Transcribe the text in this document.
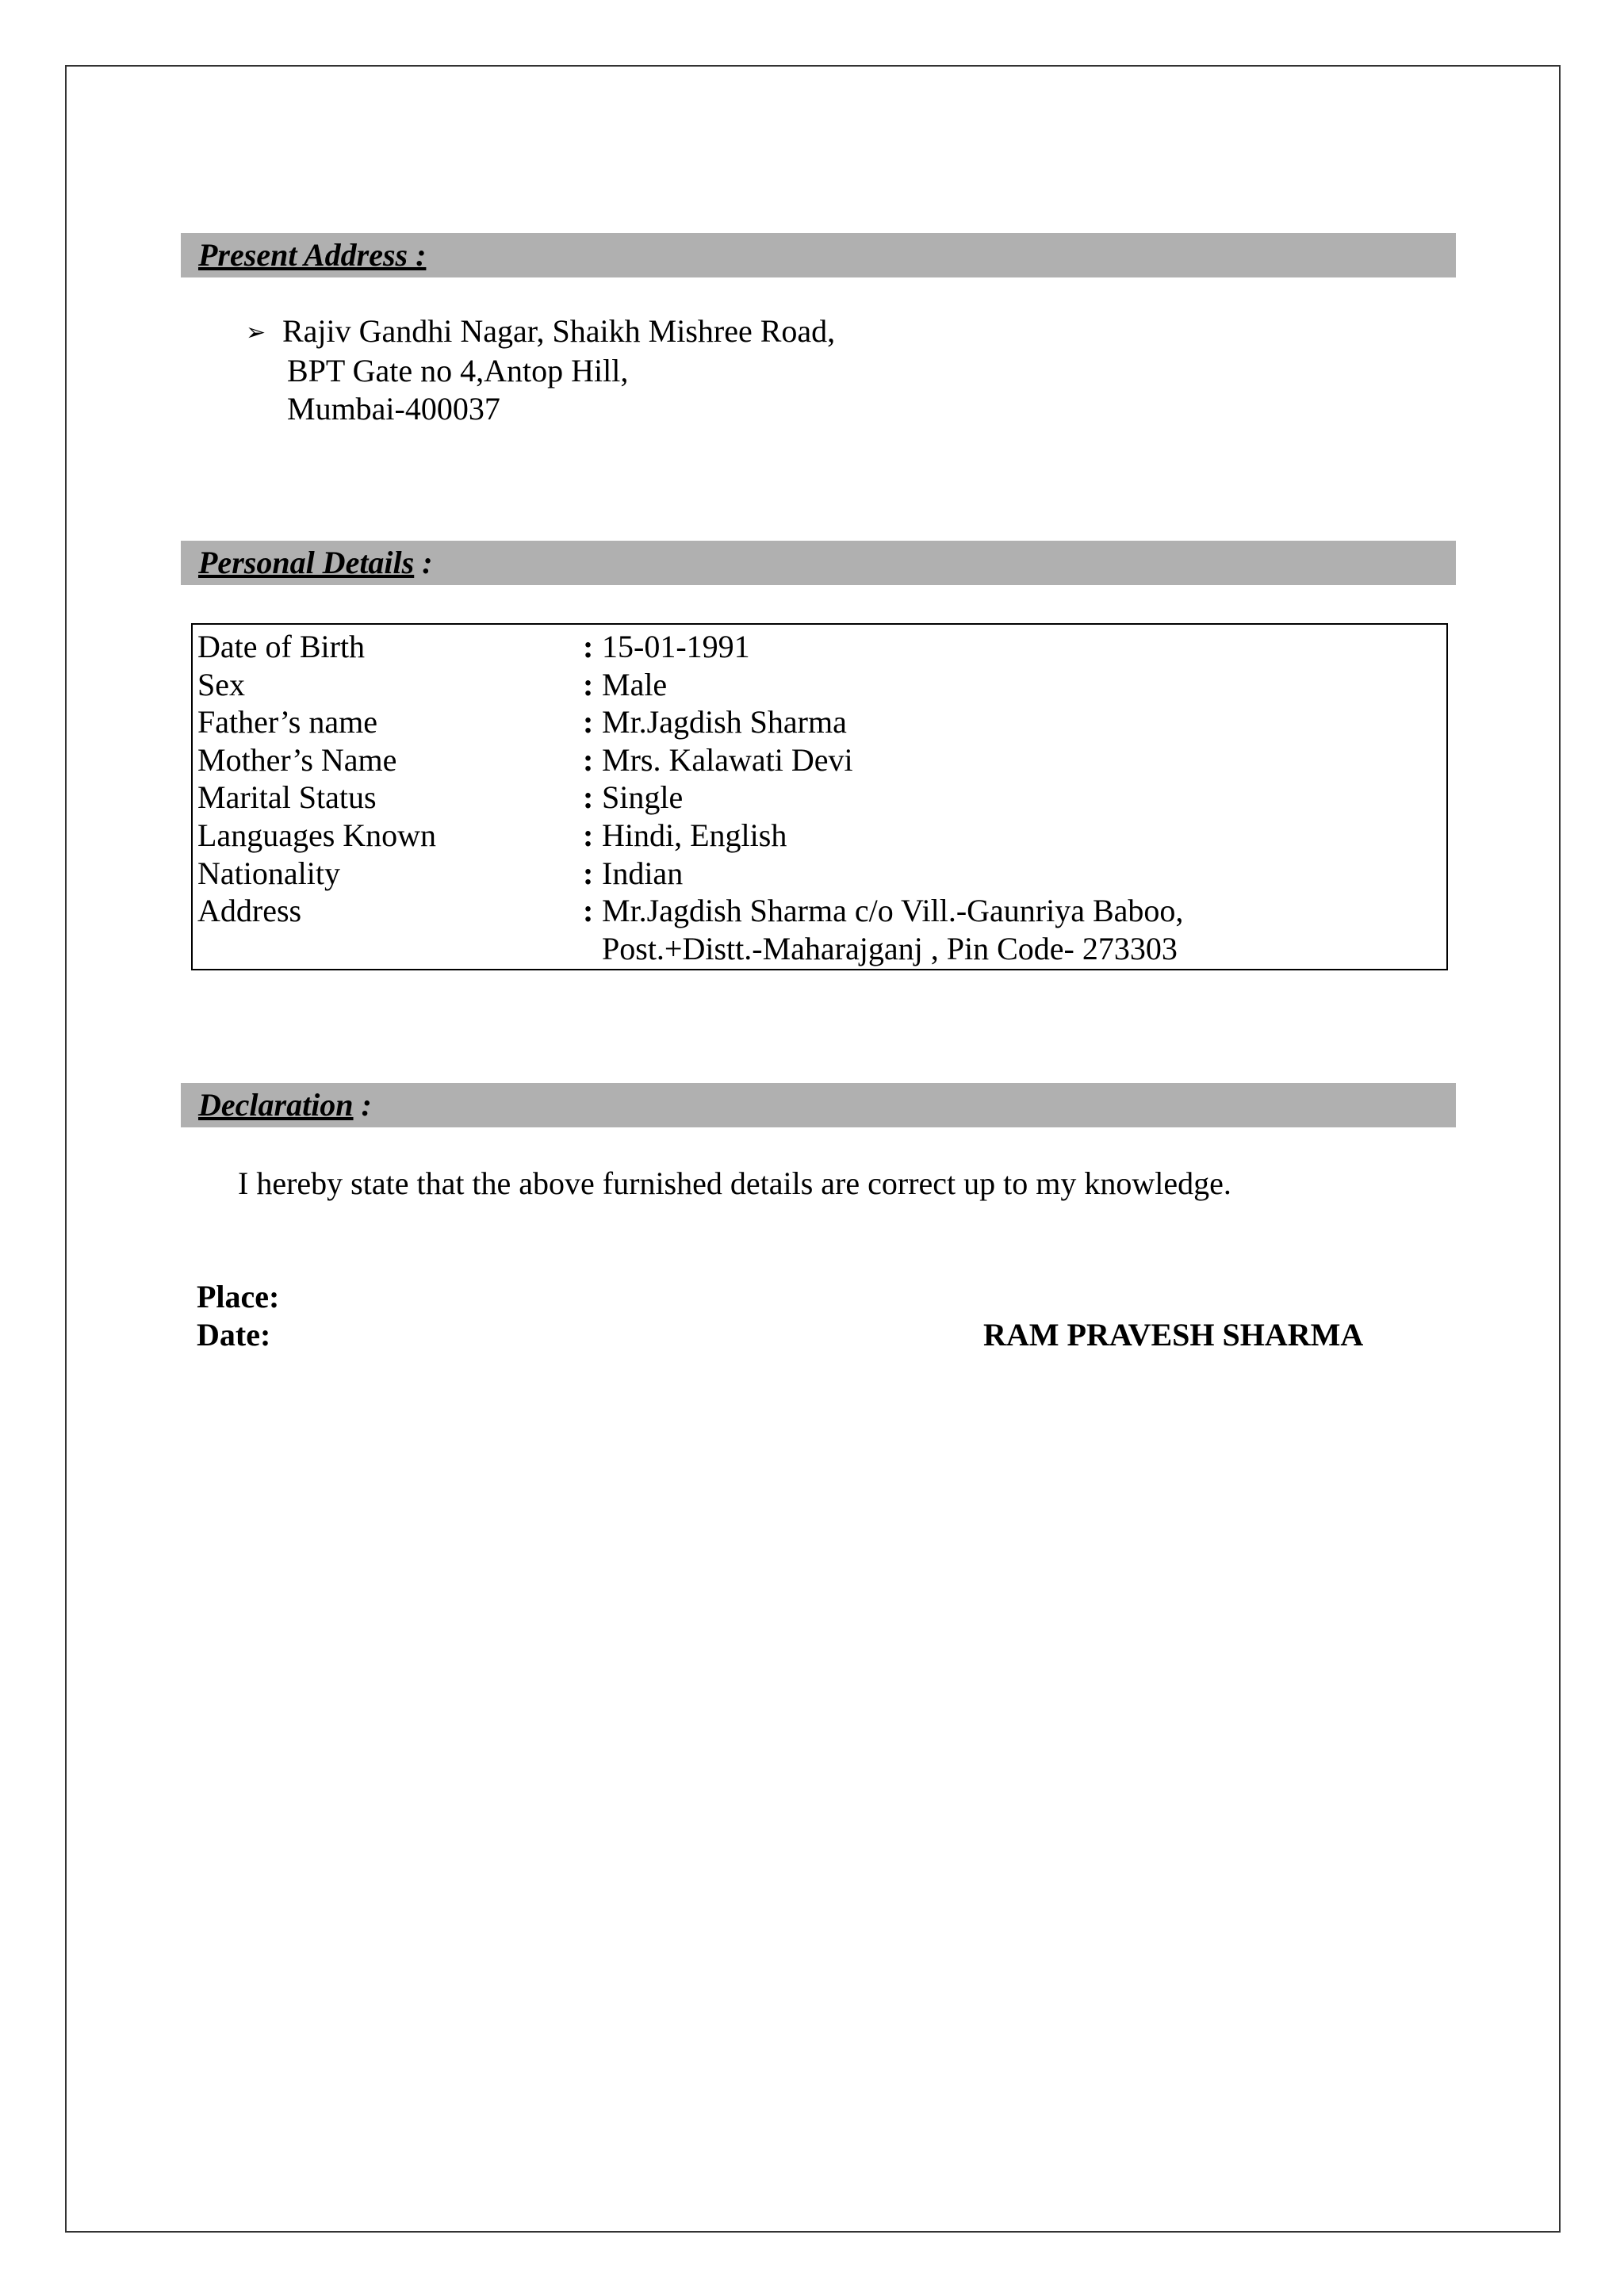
Present Address :
➢ Rajiv Gandhi Nagar, Shaikh Mishree Road,
BPT Gate no 4,Antop Hill,
Mumbai-400037
Personal Details :
Date of Birth	: 15-01-1991
Sex	: Male
Father’s name	: Mr.Jagdish Sharma
Mother’s Name	: Mrs. Kalawati Devi
Marital Status	: Single
Languages Known	: Hindi, English
Nationality	: Indian
Address	: Mr.Jagdish Sharma c/o Vill.-Gaunriya Baboo,
Post.+Distt.-Maharajganj , Pin Code- 273303
Declaration :
I hereby state that the above furnished details are correct up to my knowledge.
Place:
Date:	RAM PRAVESH SHARMA
